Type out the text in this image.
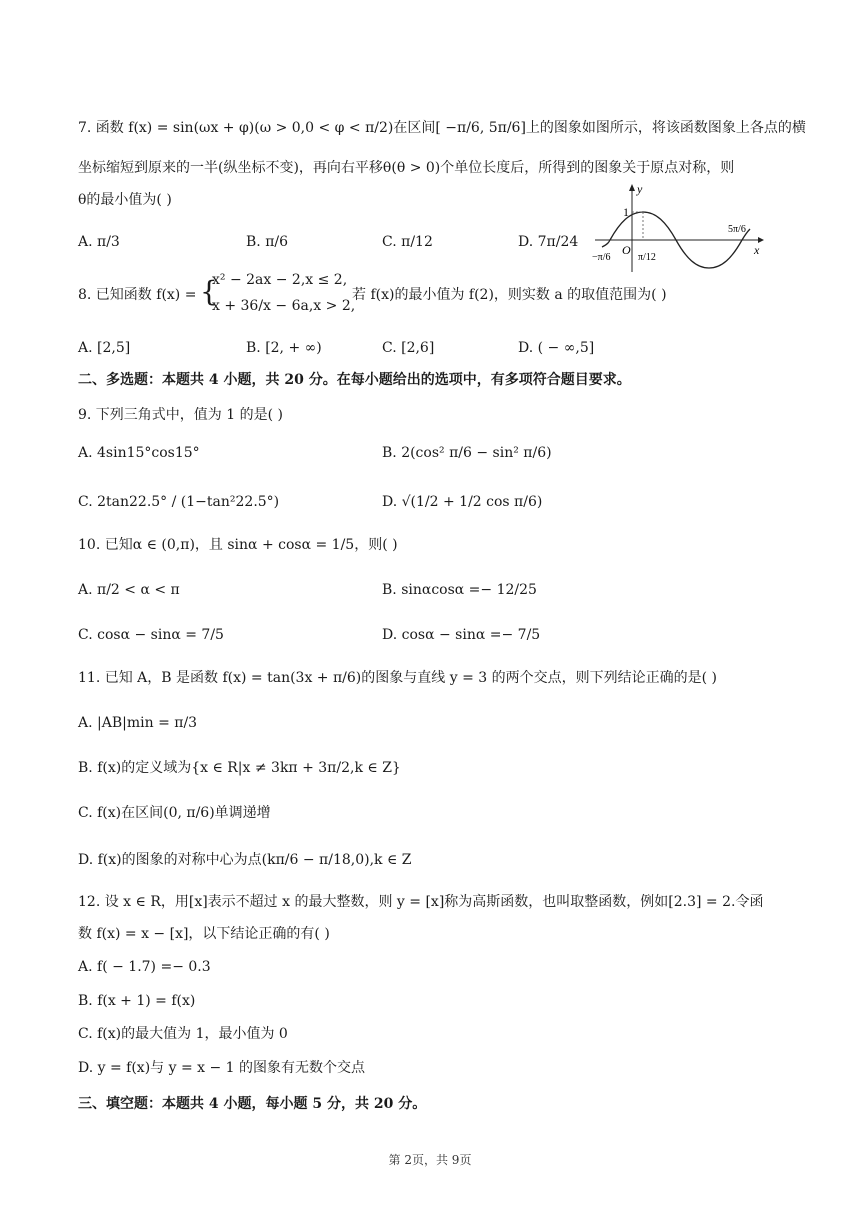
7. 函数 f(x) = sin(ωx + φ)(ω > 0,0 < φ < π/2)在区间[ −π/6, 5π/6]上的图象如图所示，将该函数图象上各点的横
坐标缩短到原来的一半(纵坐标不变)，再向右平移θ(θ > 0)个单位长度后，所得到的图象关于原点对称，则
θ的最小值为( )
A. π/3	B. π/6	C. π/12	D. 7π/24
y
x
1
O
−π/6	π/12
5π/6
8. 已知函数 f(x) = {
x² − 2ax − 2,x ≤ 2,
x + 36/x − 6a,x > 2,
若 f(x)的最小值为 f(2)，则实数 a 的取值范围为( )
A. [2,5]	B. [2, + ∞)	C. [2,6]	D. ( − ∞,5]
二、多选题：本题共 4 小题，共 20 分。在每小题给出的选项中，有多项符合题目要求。
9. 下列三角式中，值为 1 的是( )
A. 4sin15°cos15°	B. 2(cos² π/6 − sin² π/6)
C. 2tan22.5° / (1−tan²22.5°)	D. √(1/2 + 1/2 cos π/6)
10. 已知α ∈ (0,π)，且 sinα + cosα = 1/5，则( )
A. π/2 < α < π	B. sinαcosα =− 12/25
C. cosα − sinα = 7/5	D. cosα − sinα =− 7/5
11. 已知 A，B 是函数 f(x) = tan(3x + π/6)的图象与直线 y = 3 的两个交点，则下列结论正确的是( )
A. |AB|min = π/3
B. f(x)的定义域为{x ∈ R|x ≠ 3kπ + 3π/2,k ∈ Z}
C. f(x)在区间(0, π/6)单调递增
D. f(x)的图象的对称中心为点(kπ/6 − π/18,0),k ∈ Z
12. 设 x ∈ R，用[x]表示不超过 x 的最大整数，则 y = [x]称为高斯函数，也叫取整函数，例如[2.3] = 2.令函
数 f(x) = x − [x]，以下结论正确的有( )
A. f( − 1.7) =− 0.3
B. f(x + 1) = f(x)
C. f(x)的最大值为 1，最小值为 0
D. y = f(x)与 y = x − 1 的图象有无数个交点
三、填空题：本题共 4 小题，每小题 5 分，共 20 分。
第 2页，共 9页
